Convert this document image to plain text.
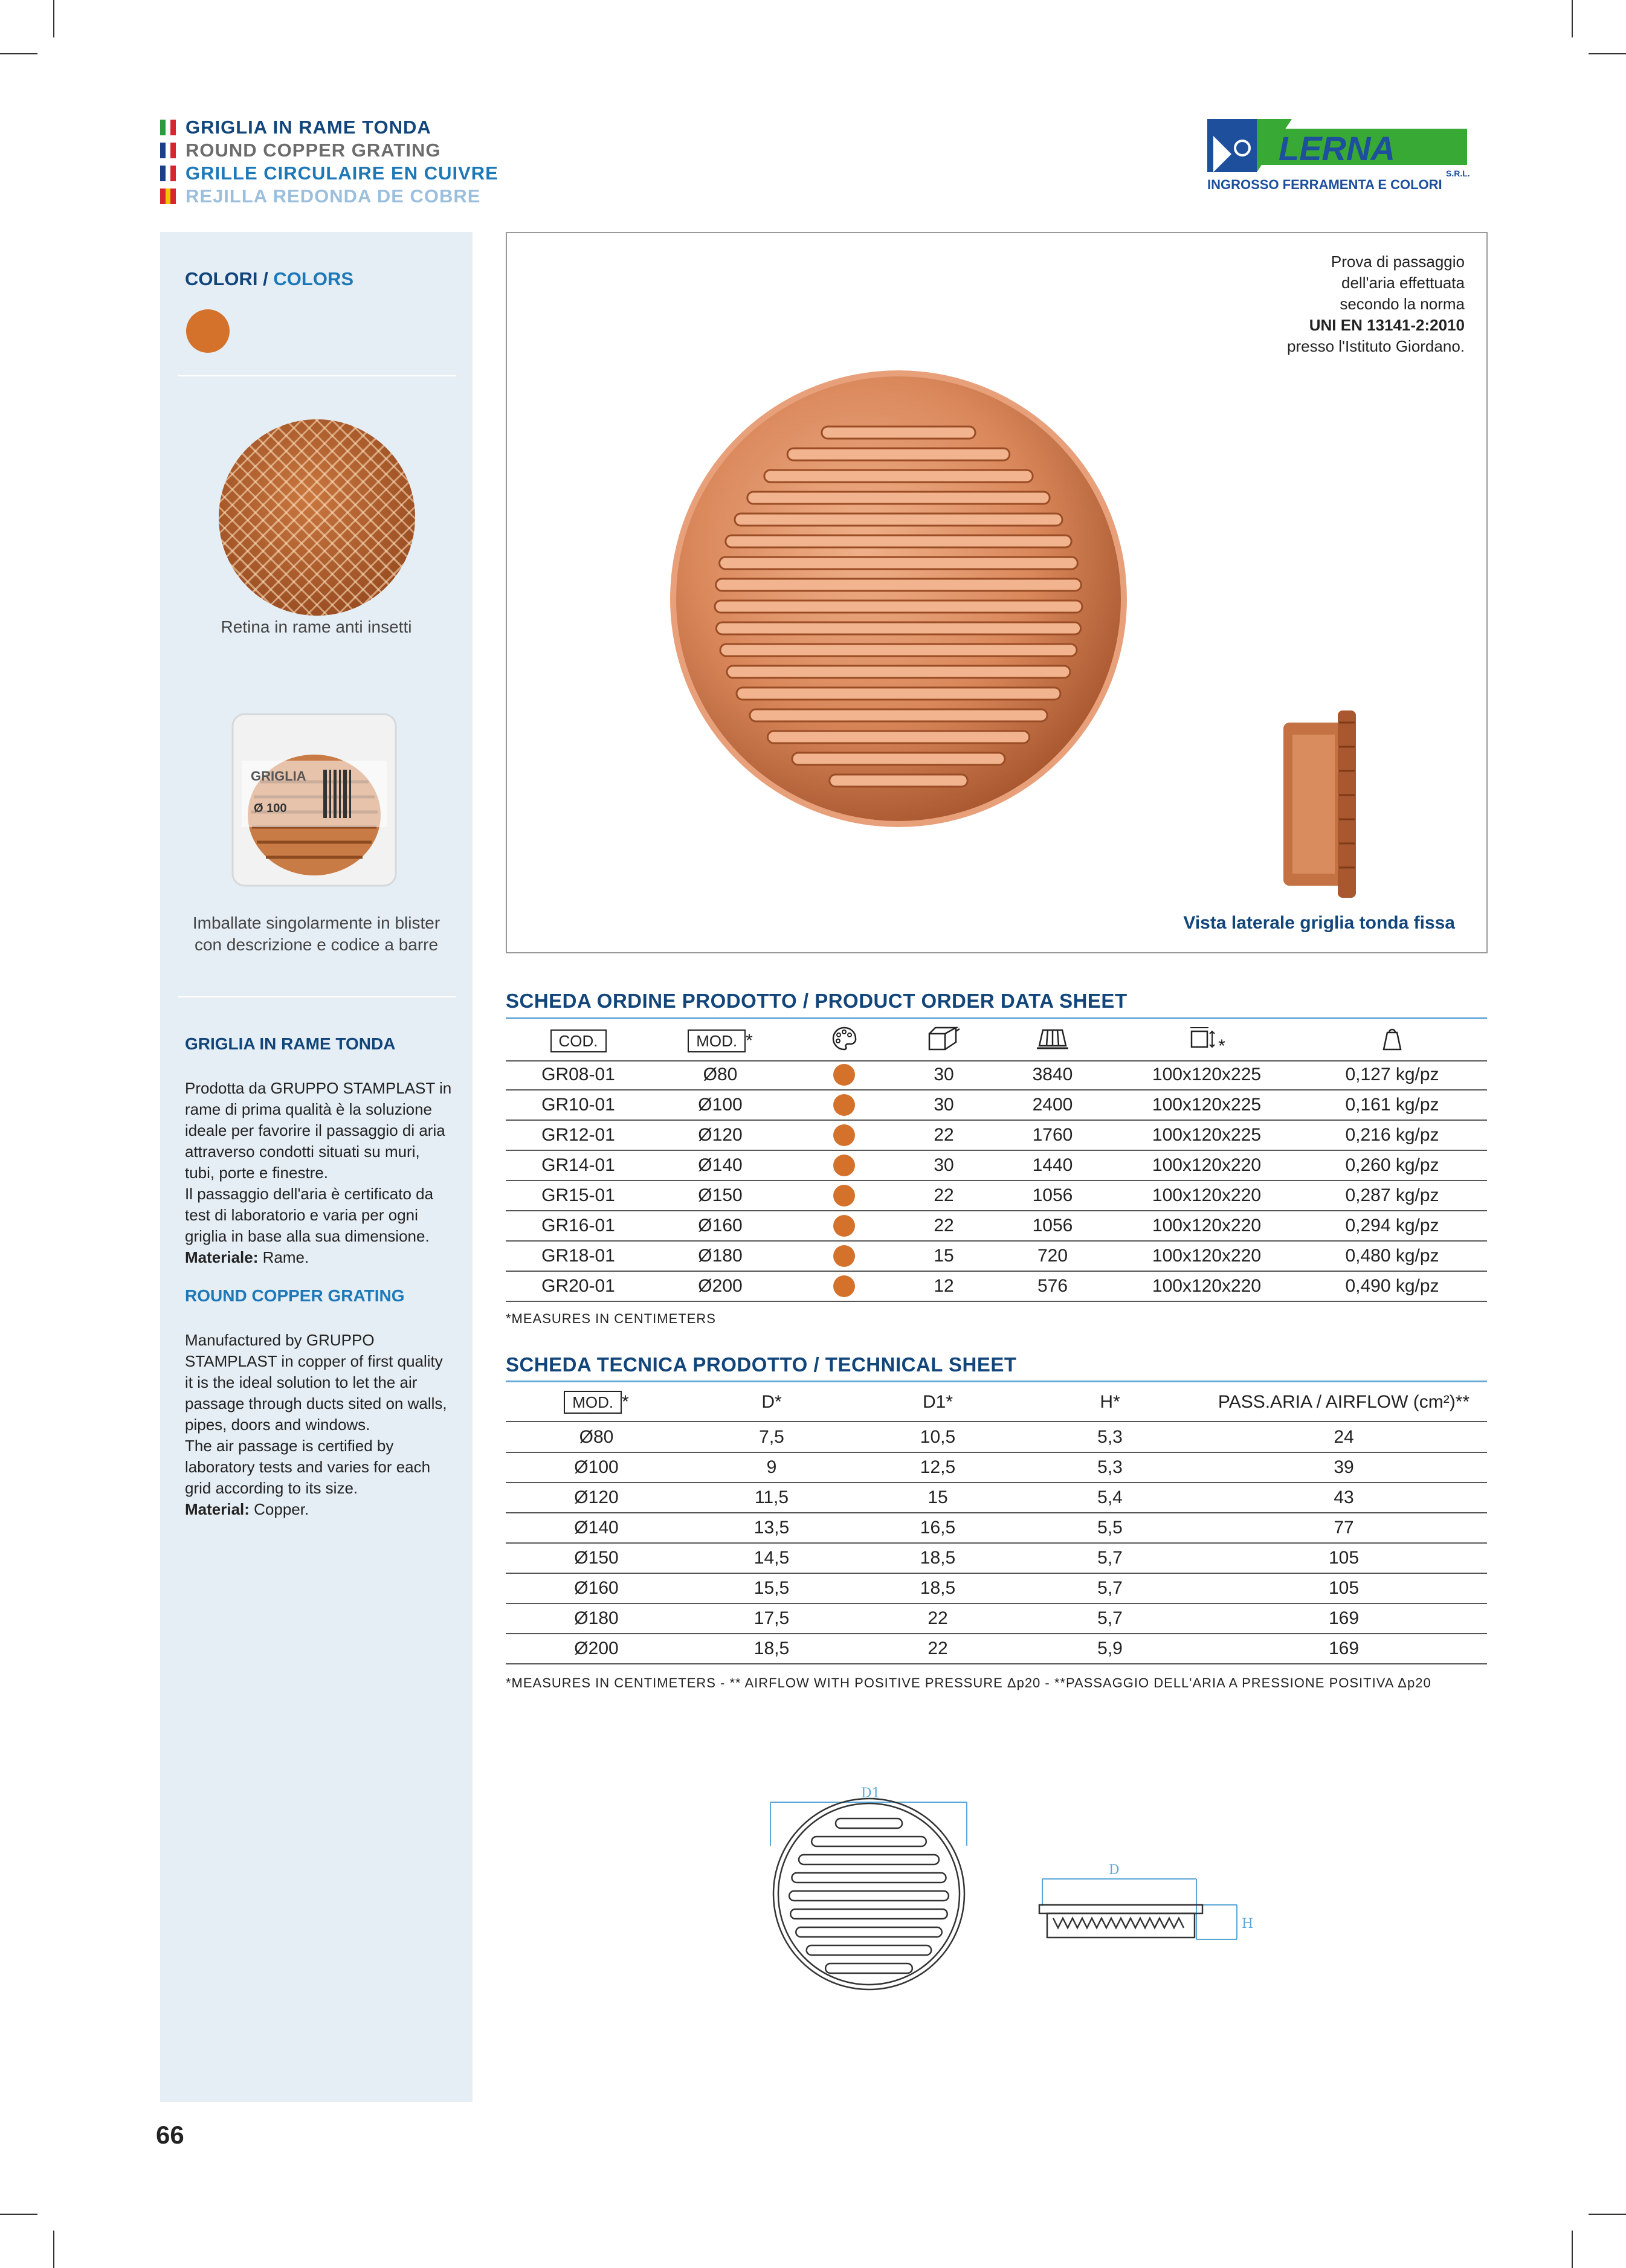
GRIGLIA IN RAME TONDA
ROUND COPPER GRATING
GRILLE CIRCULAIRE EN CUIVRE
REJILLA REDONDA DE COBRE
LERNA
S.R.L.
INGROSSO FERRAMENTA E COLORI
COLORI / COLORS
Retina in rame anti insetti
GRIGLIA
Ø 100
Imballate singolarmente in blister
con descrizione e codice a barre
GRIGLIA IN RAME TONDA
Prodotta da GRUPPO STAMPLAST in
rame di prima qualità è la soluzione
ideale per favorire il passaggio di aria
attraverso condotti situati su muri,
tubi, porte e finestre.
Il passaggio dell'aria è certificato da
test di laboratorio e varia per ogni
griglia in base alla sua dimensione.
Materiale: Rame.
ROUND COPPER GRATING
Manufactured by GRUPPO
STAMPLAST in copper of first quality
it is the ideal solution to let the air
passage through ducts sited on walls,
pipes, doors and windows.
The air passage is certified by
laboratory tests and varies for each
grid according to its size.
Material: Copper.
Prova di passaggio
dell'aria effettuata
secondo la norma
UNI EN 13141-2:2010
presso l'Istituto Giordano.
Vista laterale griglia tonda fissa
SCHEDA ORDINE PRODOTTO / PRODUCT ORDER DATA SHEET
COD.	MOD. *	*
GR08-01	Ø80	30	3840	100x120x225	0,127 kg/pz
GR10-01	Ø100	30	2400	100x120x225	0,161 kg/pz
GR12-01	Ø120	22	1760	100x120x225	0,216 kg/pz
GR14-01	Ø140	30	1440	100x120x220	0,260 kg/pz
GR15-01	Ø150	22	1056	100x120x220	0,287 kg/pz
GR16-01	Ø160	22	1056	100x120x220	0,294 kg/pz
GR18-01	Ø180	15	720	100x120x220	0,480 kg/pz
GR20-01	Ø200	12	576	100x120x220	0,490 kg/pz
*MEASURES IN CENTIMETERS
SCHEDA TECNICA PRODOTTO / TECHNICAL SHEET
MOD. *	D*	D1*	H*	PASS.ARIA / AIRFLOW (cm²)**
Ø80	7,5	10,5	5,3	24
Ø100	9	12,5	5,3	39
Ø120	11,5	15	5,4	43
Ø140	13,5	16,5	5,5	77
Ø150	14,5	18,5	5,7	105
Ø160	15,5	18,5	5,7	105
Ø180	17,5	22	5,7	169
Ø200	18,5	22	5,9	169
*MEASURES IN CENTIMETERS - ** AIRFLOW WITH POSITIVE PRESSURE Δp20 - **PASSAGGIO DELL'ARIA A PRESSIONE POSITIVA Δp20
D1
D
H
66
